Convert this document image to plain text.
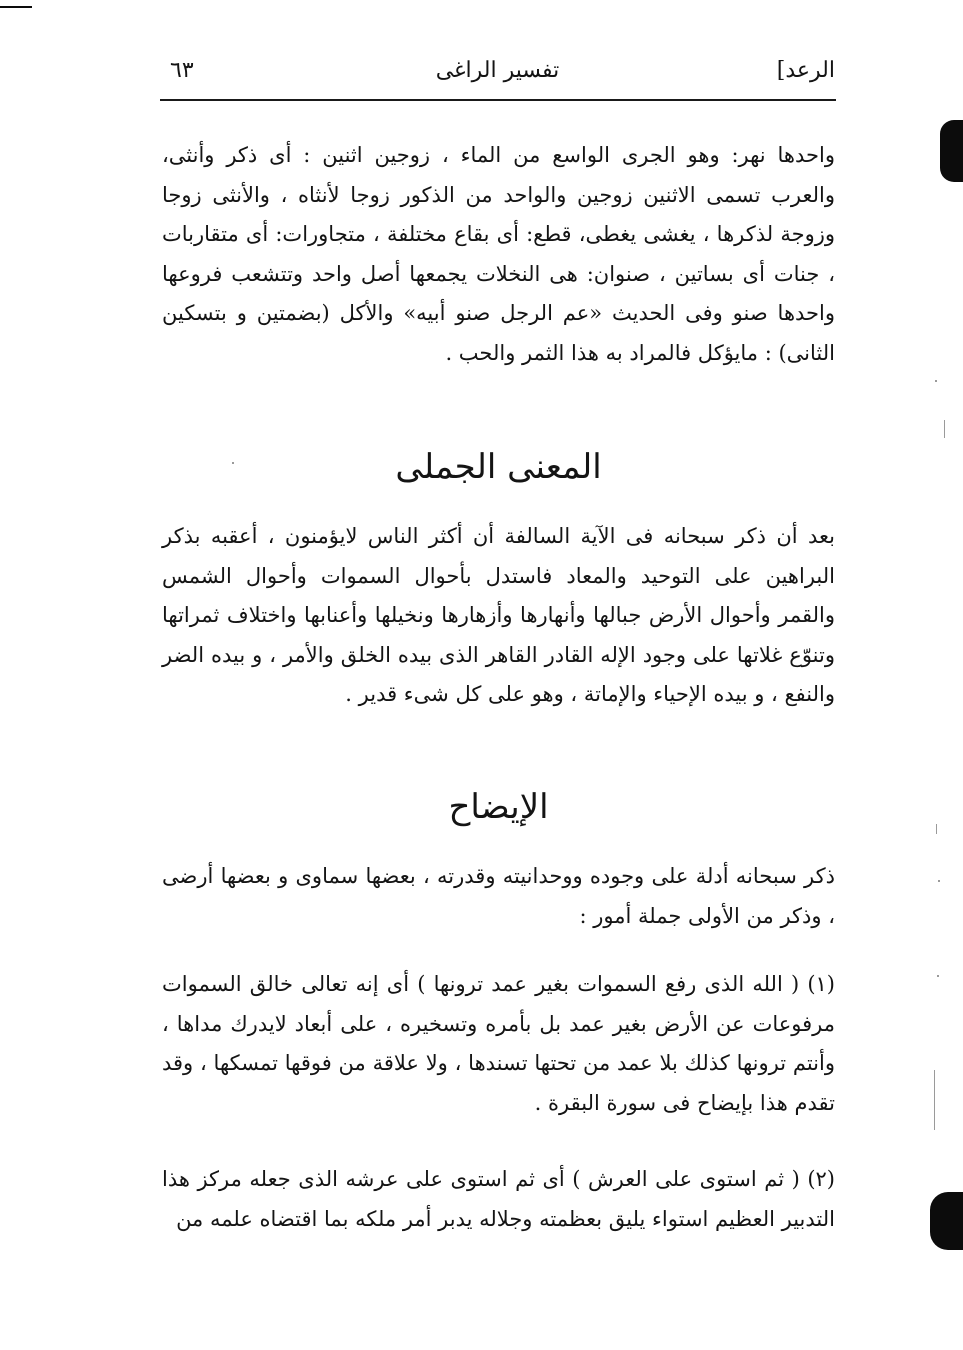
الرعد]
تفسير الراغى
٦٣

واحدها نهر: وهو الجرى الواسع من الماء ، زوجين اثنين : أى ذكر وأنثى، والعرب تسمى الاثنين زوجين والواحد من الذكور زوجا لأنثاه ، والأنثى زوجا وزوجة لذكرها ، يغشى يغطى، قطع: أى بقاع مختلفة ، متجاورات: أى متقاربات ، جنات أى بساتين ، صنوان: هى النخلات يجمعها أصل واحد وتتشعب فروعها واحدها صنو وفى الحديث «عم الرجل صنو أبيه» والأكل (بضمتين و بتسكين الثانى) : مايؤكل فالمراد به هذا الثمر والحب .

المعنى الجملى

بعد أن ذكر سبحانه فى الآية السالفة أن أكثر الناس لايؤمنون ، أعقبه بذكر البراهين على التوحيد والمعاد فاستدل بأحوال السموات وأحوال الشمس والقمر وأحوال الأرض جبالها وأنهارها وأزهارها ونخيلها وأعنابها واختلاف ثمراتها وتنوّع غلاتها على وجود الإله القادر القاهر الذى بيده الخلق والأمر ، و بيده الضر والنفع ، و بيده الإحياء والإماتة ، وهو على كل شىء قدير .

الإيضاح

ذكر سبحانه أدلة على وجوده ووحدانيته وقدرته ، بعضها سماوى و بعضها أرضى ، وذكر من الأولى جملة أمور :

(١) ( الله الذى رفع السموات بغير عمد ترونها ) أى إنه تعالى خالق السموات مرفوعات عن الأرض بغير عمد بل بأمره وتسخيره ، على أبعاد لايدرك مداها ، وأنتم ترونها كذلك بلا عمد من تحتها تسندها ، ولا علاقة من فوقها تمسكها ، وقد تقدم هذا بإيضاح فى سورة البقرة .

(٢) ( ثم استوى على العرش ) أى ثم استوى على عرشه الذى جعله مركز هذا التدبير العظيم استواء يليق بعظمته وجلاله يدبر أمر ملكه بما اقتضاه علمه من
